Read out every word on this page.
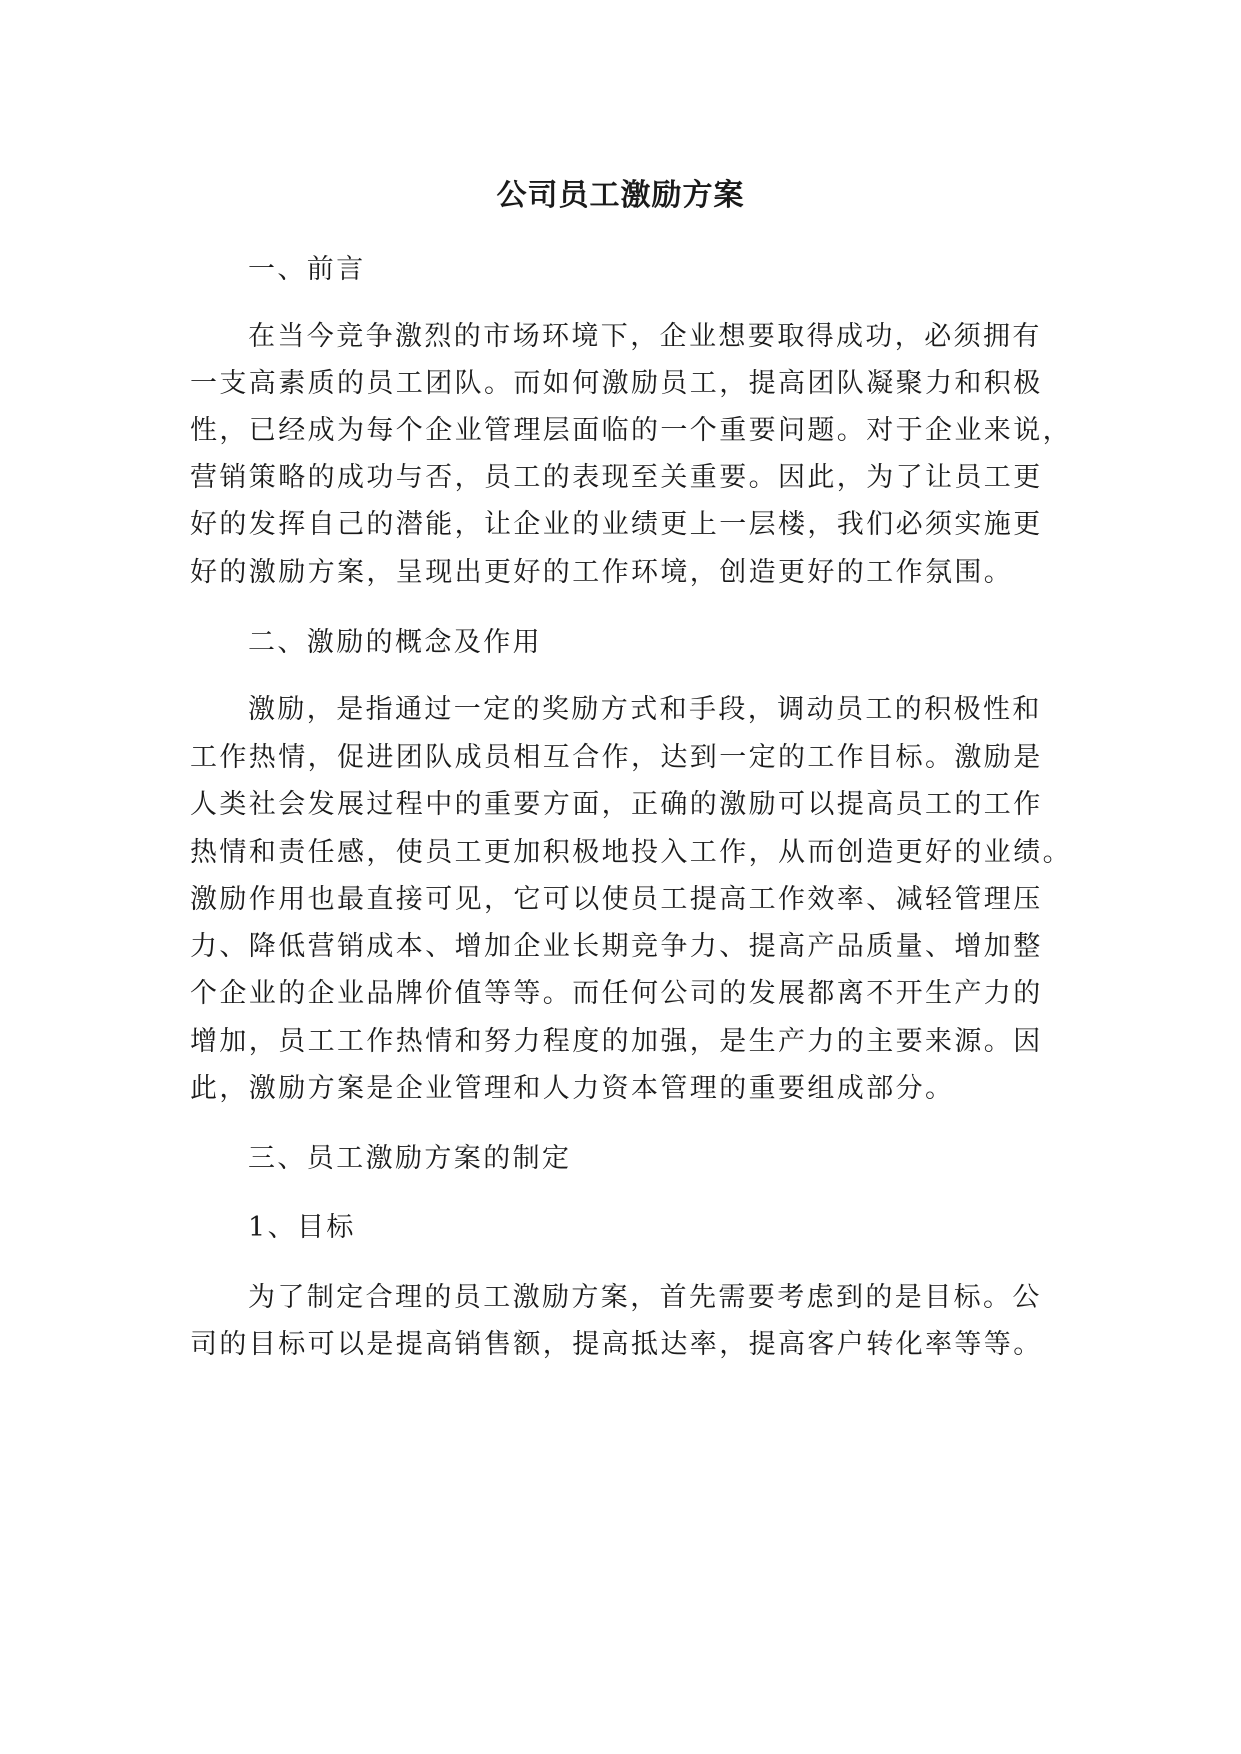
公司员工激励方案

一、前言

在当今竞争激烈的市场环境下，企业想要取得成功，必须拥有

一支高素质的员工团队。而如何激励员工，提高团队凝聚力和积极

性，已经成为每个企业管理层面临的一个重要问题。对于企业来说，

营销策略的成功与否，员工的表现至关重要。因此，为了让员工更

好的发挥自己的潜能，让企业的业绩更上一层楼，我们必须实施更

好的激励方案，呈现出更好的工作环境，创造更好的工作氛围。

二、激励的概念及作用

激励，是指通过一定的奖励方式和手段，调动员工的积极性和

工作热情，促进团队成员相互合作，达到一定的工作目标。激励是

人类社会发展过程中的重要方面，正确的激励可以提高员工的工作

热情和责任感，使员工更加积极地投入工作，从而创造更好的业绩。

激励作用也最直接可见，它可以使员工提高工作效率、减轻管理压

力、降低营销成本、增加企业长期竞争力、提高产品质量、增加整

个企业的企业品牌价值等等。而任何公司的发展都离不开生产力的

增加，员工工作热情和努力程度的加强，是生产力的主要来源。因

此，激励方案是企业管理和人力资本管理的重要组成部分。

三、员工激励方案的制定

1、目标

为了制定合理的员工激励方案，首先需要考虑到的是目标。公

司的目标可以是提高销售额，提高抵达率，提高客户转化率等等。
